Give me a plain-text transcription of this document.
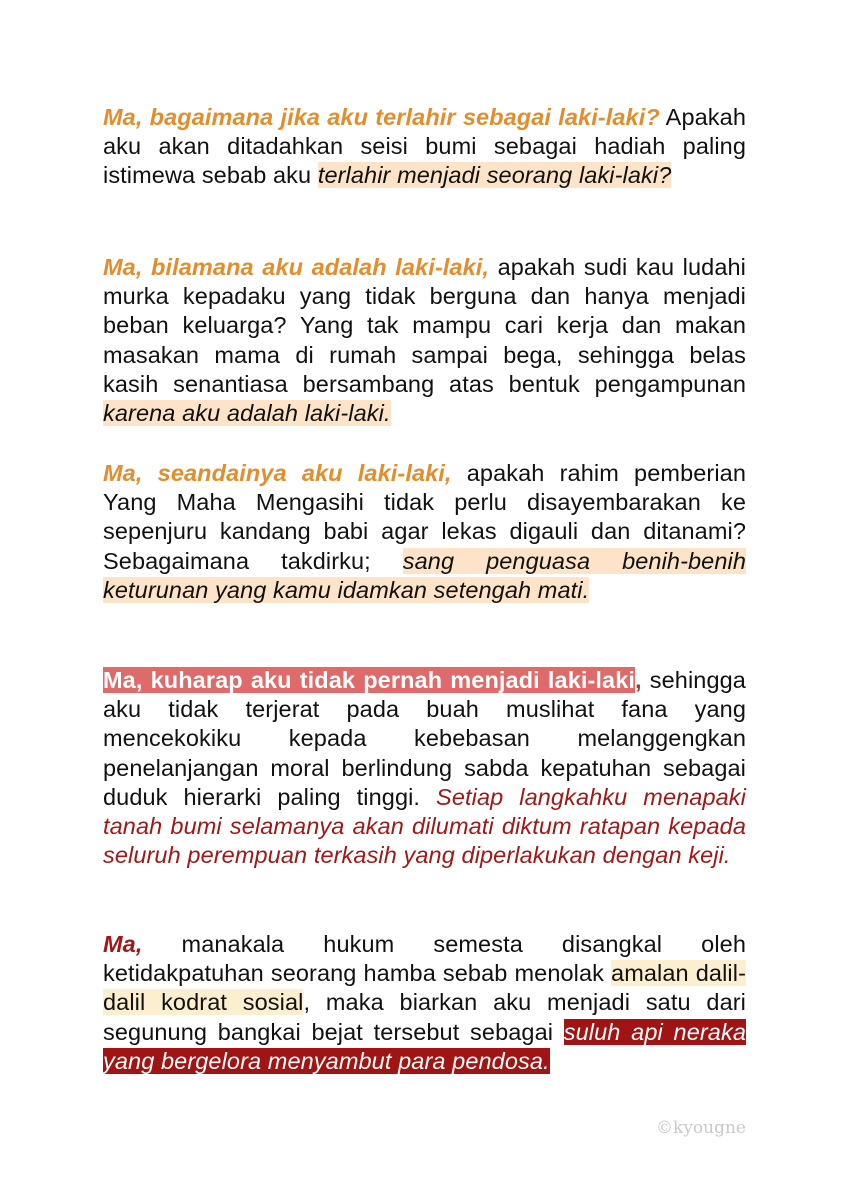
Ma, bagaimana jika aku terlahir sebagai laki-laki? Apakah aku akan ditadahkan seisi bumi sebagai hadiah paling istimewa sebab aku terlahir menjadi seorang laki-laki?
Ma, bilamana aku adalah laki-laki, apakah sudi kau ludahi murka kepadaku yang tidak berguna dan hanya menjadi beban keluarga? Yang tak mampu cari kerja dan makan masakan mama di rumah sampai bega, sehingga belas kasih senantiasa bersambang atas bentuk pengampunan karena aku adalah laki-laki.
Ma, seandainya aku laki-laki, apakah rahim pemberian Yang Maha Mengasihi tidak perlu disayembarakan ke sepenjuru kandang babi agar lekas digauli dan ditanami? Sebagaimana takdirku; sang penguasa benih-benih keturunan yang kamu idamkan setengah mati.
Ma, kuharap aku tidak pernah menjadi laki-laki, sehingga aku tidak terjerat pada buah muslihat fana yang mencekokiku kepada kebebasan melanggengkan penelanjangan moral berlindung sabda kepatuhan sebagai duduk hierarki paling tinggi. Setiap langkahku menapaki tanah bumi selamanya akan dilumati diktum ratapan kepada seluruh perempuan terkasih yang diperlakukan dengan keji.
Ma, manakala hukum semesta disangkal oleh ketidakpatuhan seorang hamba sebab menolak amalan dalil-dalil kodrat sosial, maka biarkan aku menjadi satu dari segunung bangkai bejat tersebut sebagai suluh api neraka yang bergelora menyambut para pendosa.
©kyougne
